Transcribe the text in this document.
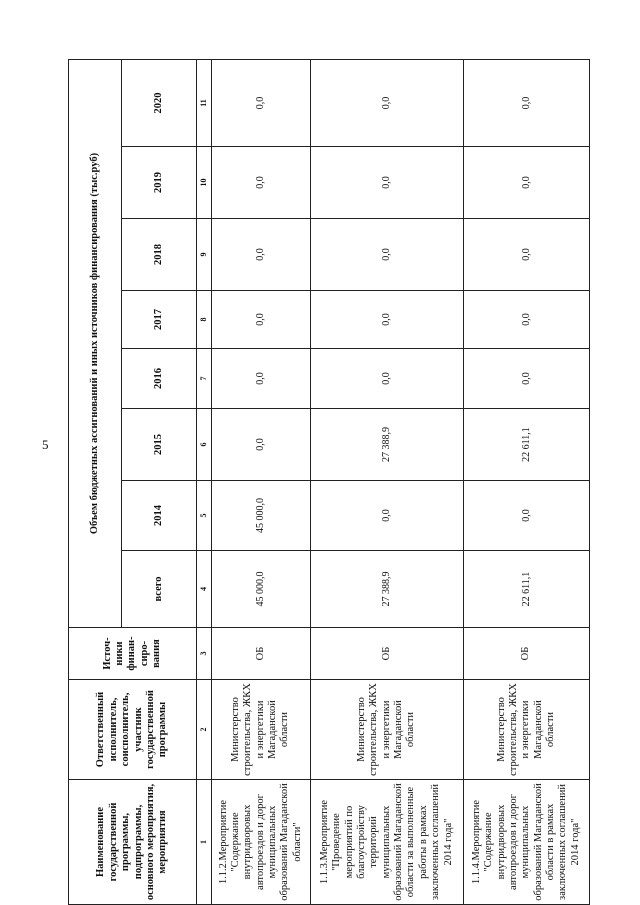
5
Наименование государственной программы, подпрограммы, основного мероприятия, мероприятия	Ответственный исполнитель, соисполнитель, участник государственной программы	Источ-ники финан-сиро-вания	Объем бюджетных ассигнований и иных источников финансирования (тыс.руб)							
			всего	2014	2015	2016	2017	2018	2019	2020
1	2	3	4	5	6	7	8	9	10	11
1.1.2.Мероприятие "Содержание внутридворовых автопроездов и дорог муниципальных образований Магаданской области"	Министерство строительства, ЖКХ и энергетики Магаданской области	ОБ	45 000,0	45 000,0	0,0	0,0	0,0	0,0	0,0	0,0
1.1.3.Мероприятие "Проведение мероприятий по благоустройству территорий муниципальных образований Магаданской области за выполненные работы в рамках заключенных соглашений 2014 года"	Министерство строительства, ЖКХ и энергетики Магаданской области	ОБ	27 388,9	0,0	27 388,9	0,0	0,0	0,0	0,0	0,0
1.1.4.Мероприятие "Содержание внутридворовых автопроездов и дорог муниципальных образований Магаданской области в рамках заключенных соглашений 2014 года"	Министерство строительства, ЖКХ и энергетики Магаданской области	ОБ	22 611,1	0,0	22 611,1	0,0	0,0	0,0	0,0	0,0
